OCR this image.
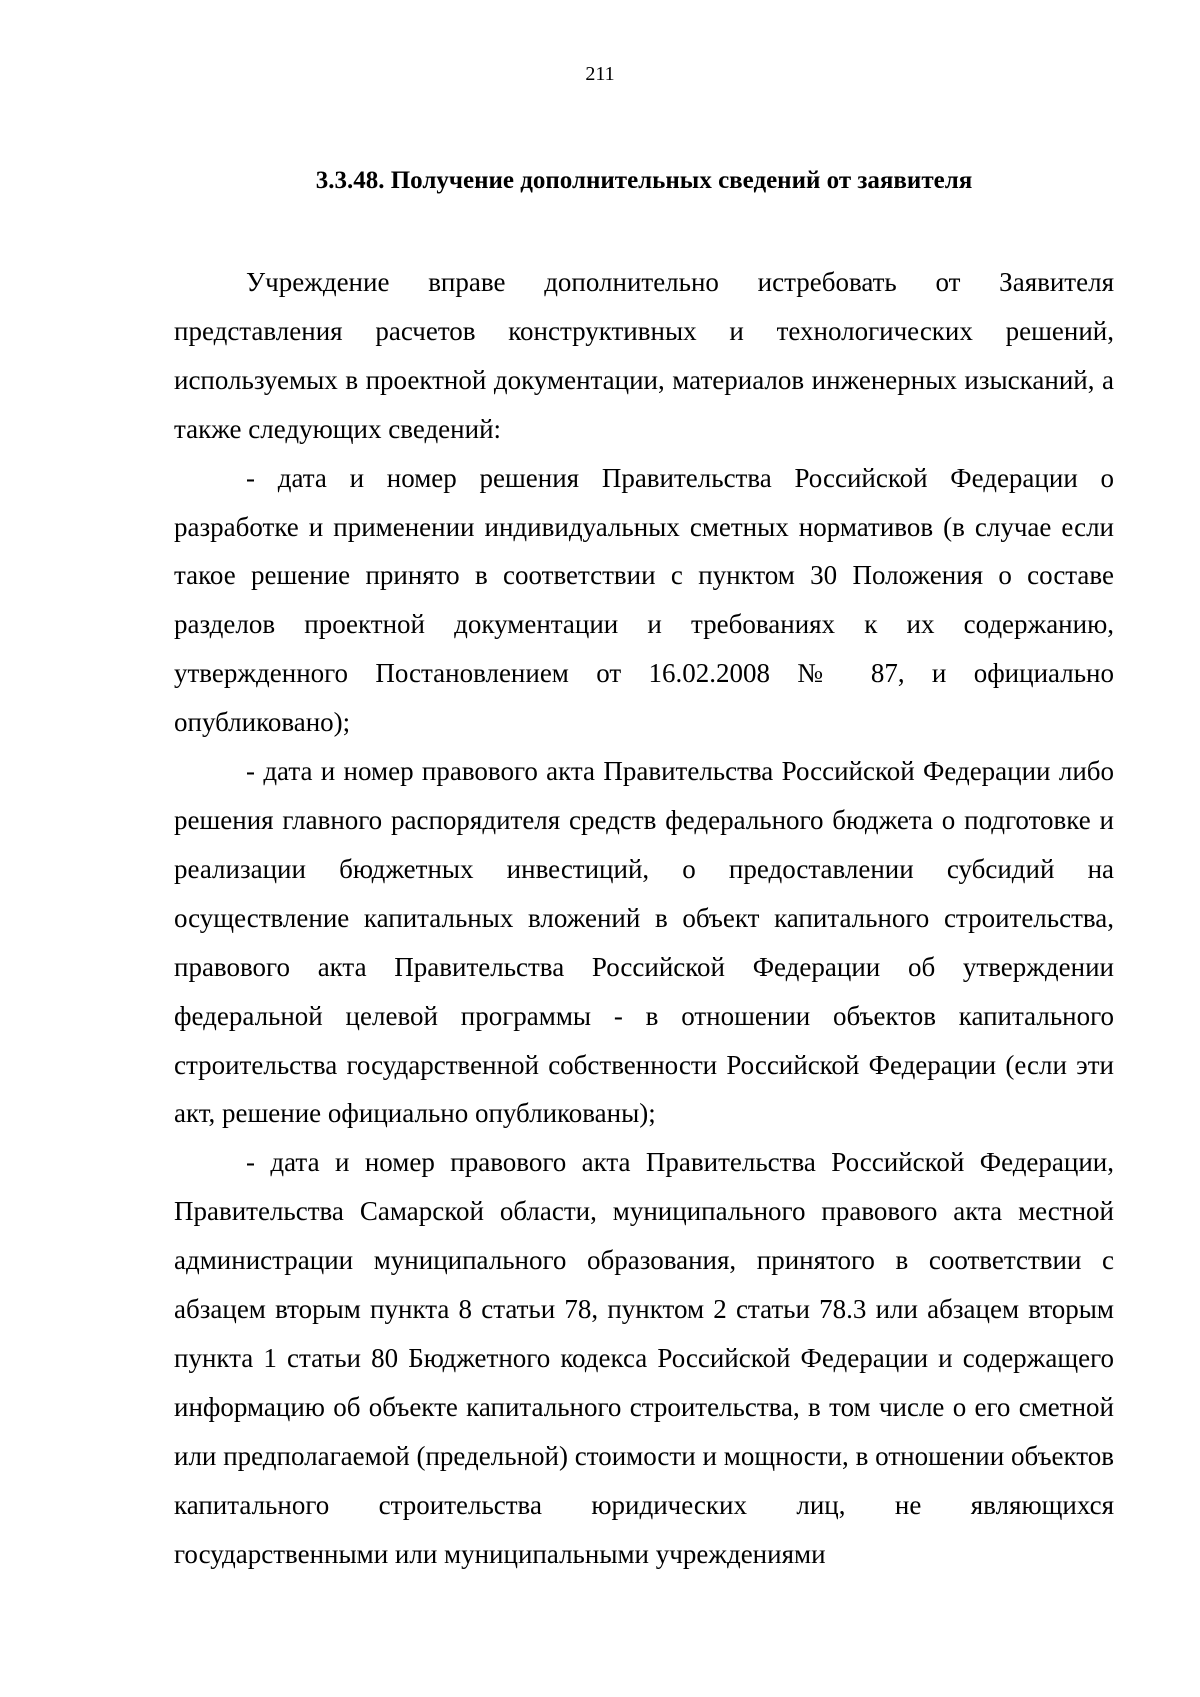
211
3.3.48. Получение дополнительных сведений от заявителя

Учреждение вправе дополнительно истребовать от Заявителя представления расчетов конструктивных и технологических решений, используемых в проектной документации, материалов инженерных изысканий, а также следующих сведений:

- дата и номер решения Правительства Российской Федерации о разработке и применении индивидуальных сметных нормативов (в случае если такое решение принято в соответствии с пунктом 30 Положения о составе разделов проектной документации и требованиях к их содержанию, утвержденного Постановлением от 16.02.2008 № 87, и официально опубликовано);

- дата и номер правового акта Правительства Российской Федерации либо решения главного распорядителя средств федерального бюджета о подготовке и реализации бюджетных инвестиций, о предоставлении субсидий на осуществление капитальных вложений в объект капитального строительства, правового акта Правительства Российской Федерации об утверждении федеральной целевой программы - в отношении объектов капитального строительства государственной собственности Российской Федерации (если эти акт, решение официально опубликованы);

- дата и номер правового акта Правительства Российской Федерации, Правительства Самарской области, муниципального правового акта местной администрации муниципального образования, принятого в соответствии с абзацем вторым пункта 8 статьи 78, пунктом 2 статьи 78.3 или абзацем вторым пункта 1 статьи 80 Бюджетного кодекса Российской Федерации и содержащего информацию об объекте капитального строительства, в том числе о его сметной или предполагаемой (предельной) стоимости и мощности, в отношении объектов капитального строительства юридических лиц, не являющихся государственными или муниципальными учреждениями
